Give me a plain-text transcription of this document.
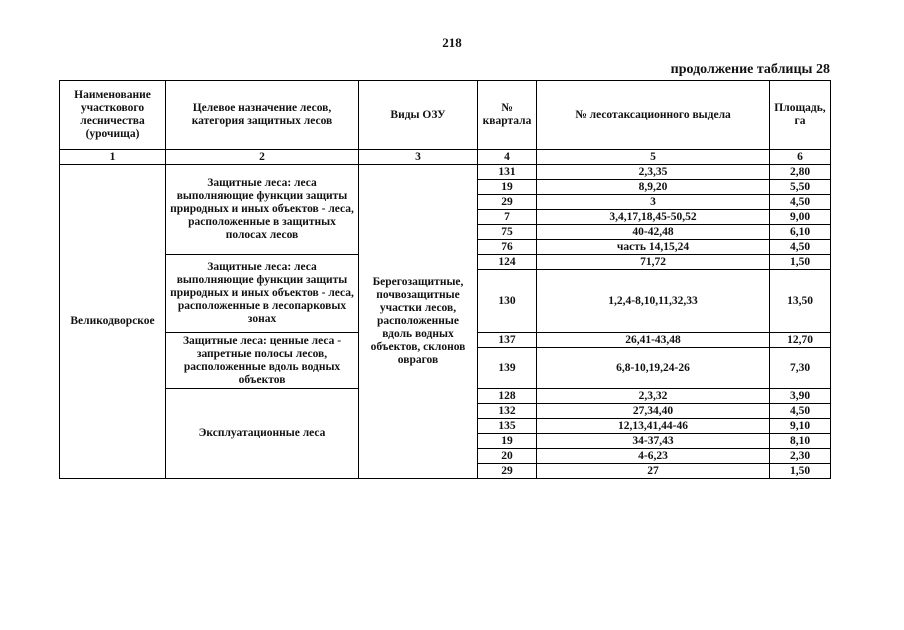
218
продолжение таблицы 28
Наименование участкового лесничества (урочища)	Целевое назначение лесов, категория защитных лесов	Виды ОЗУ	№ квартала	№ лесотаксационного выдела	Площадь, га
1	2	3	4	5	6
Великодворское	Защитные леса: леса выполняющие функции защиты природных и иных объектов - леса, расположенные в защитных полосах лесов	Берегозащитные, почвозащитные участки лесов, расположенные вдоль водных объектов, склонов оврагов	131	2,3,35	2,80
			19	8,9,20	5,50
			29	3	4,50
			7	3,4,17,18,45-50,52	9,00
			75	40-42,48	6,10
			76	часть 14,15,24	4,50
	Защитные леса: леса выполняющие функции защиты природных и иных объектов - леса, расположенные в лесопарковых зонах		124	71,72	1,50
			130	1,2,4-8,10,11,32,33	13,50
	Защитные леса: ценные леса - запретные полосы лесов, расположенные вдоль водных объектов		137	26,41-43,48	12,70
			139	6,8-10,19,24-26	7,30
	Эксплуатационные леса		128	2,3,32	3,90
			132	27,34,40	4,50
			135	12,13,41,44-46	9,10
			19	34-37,43	8,10
			20	4-6,23	2,30
			29	27	1,50
